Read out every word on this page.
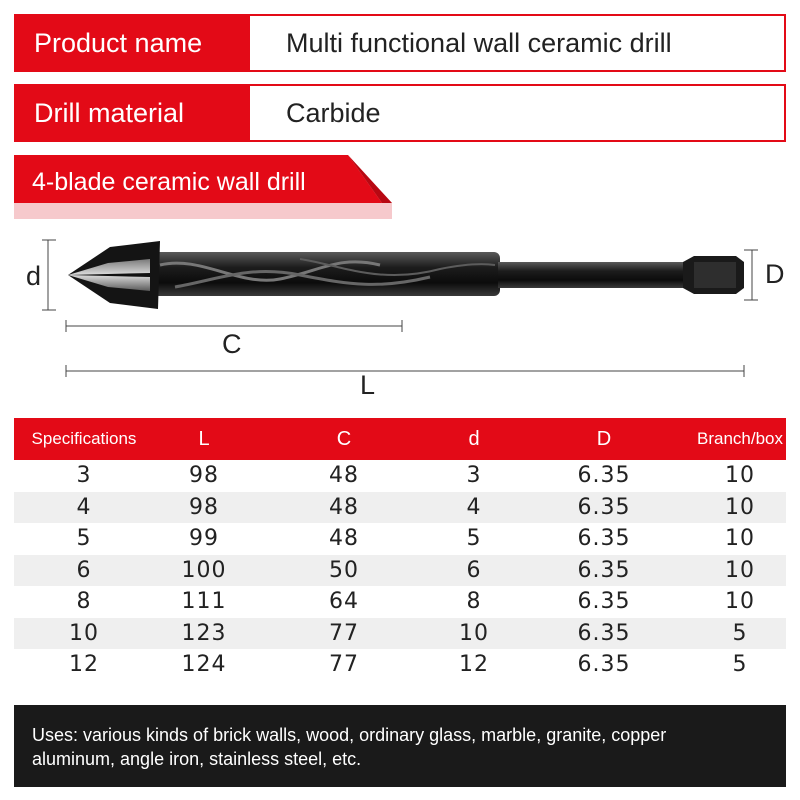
Product name	Multi functional wall ceramic drill
Drill material	Carbide
4-blade ceramic wall drill
d	D
C
L
Specifications	L	C	d	D	Branch/box
3	98	48	3	6.35	10
4	98	48	4	6.35	10
5	99	48	5	6.35	10
6	100	50	6	6.35	10
8	111	64	8	6.35	10
10	123	77	10	6.35	5
12	124	77	12	6.35	5
Uses: various kinds of brick walls, wood, ordinary glass, marble, granite, copper
aluminum, angle iron, stainless steel, etc.
